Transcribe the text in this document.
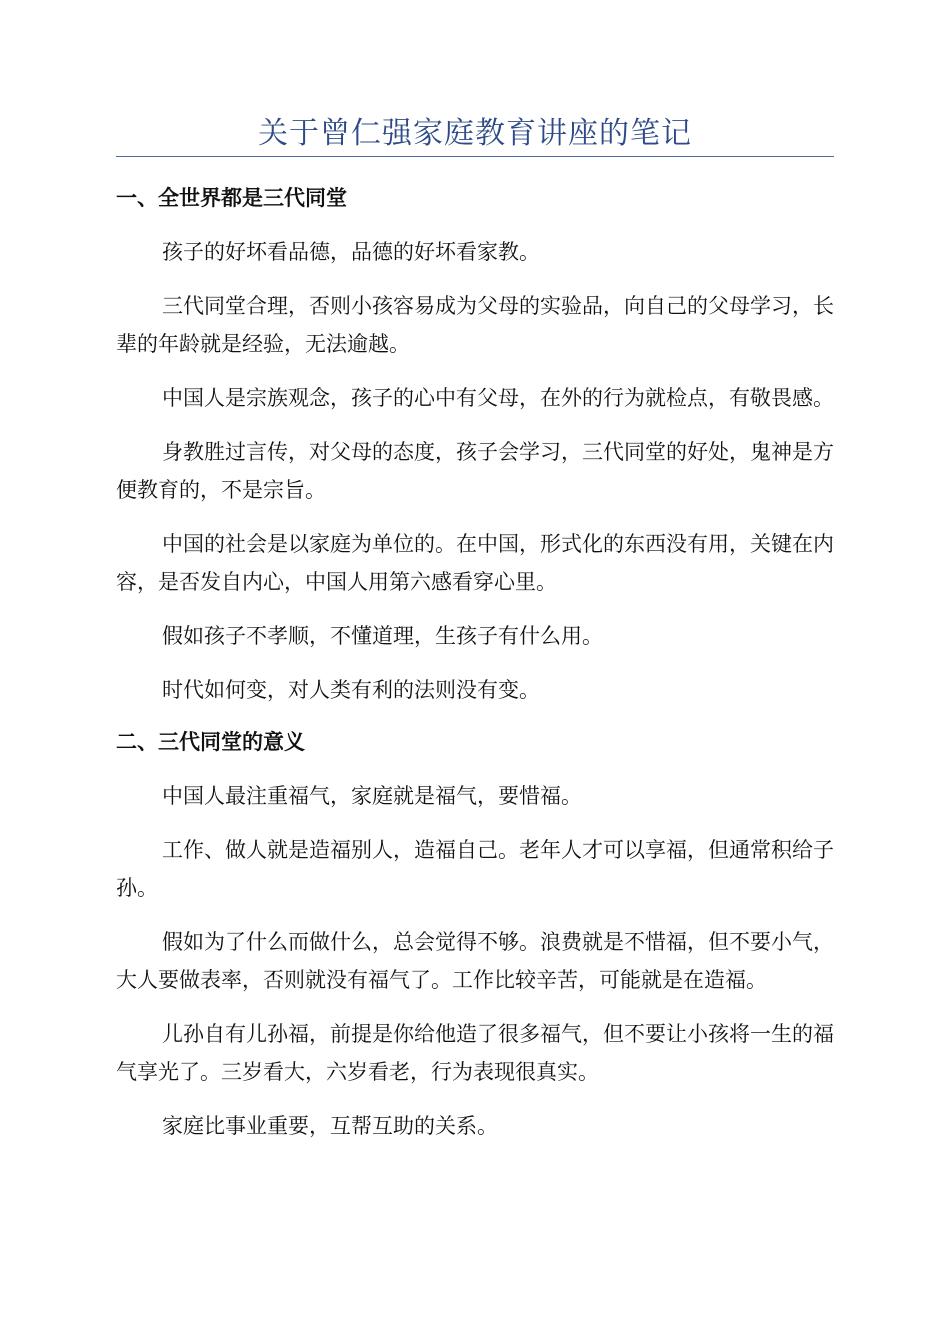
关于曾仁强家庭教育讲座的笔记
一、全世界都是三代同堂

孩子的好坏看品德，品德的好坏看家教。

三代同堂合理，否则小孩容易成为父母的实验品，向自己的父母学习，长辈的年龄就是经验，无法逾越。

中国人是宗族观念，孩子的心中有父母，在外的行为就检点，有敬畏感。

身教胜过言传，对父母的态度，孩子会学习，三代同堂的好处，鬼神是方便教育的，不是宗旨。

中国的社会是以家庭为单位的。在中国，形式化的东西没有用，关键在内容，是否发自内心，中国人用第六感看穿心里。

假如孩子不孝顺，不懂道理，生孩子有什么用。

时代如何变，对人类有利的法则没有变。

二、三代同堂的意义

中国人最注重福气，家庭就是福气，要惜福。

工作、做人就是造福别人，造福自己。老年人才可以享福，但通常积给子孙。

假如为了什么而做什么，总会觉得不够。浪费就是不惜福，但不要小气，大人要做表率，否则就没有福气了。工作比较辛苦，可能就是在造福。

儿孙自有儿孙福，前提是你给他造了很多福气，但不要让小孩将一生的福气享光了。三岁看大，六岁看老，行为表现很真实。

家庭比事业重要，互帮互助的关系。
